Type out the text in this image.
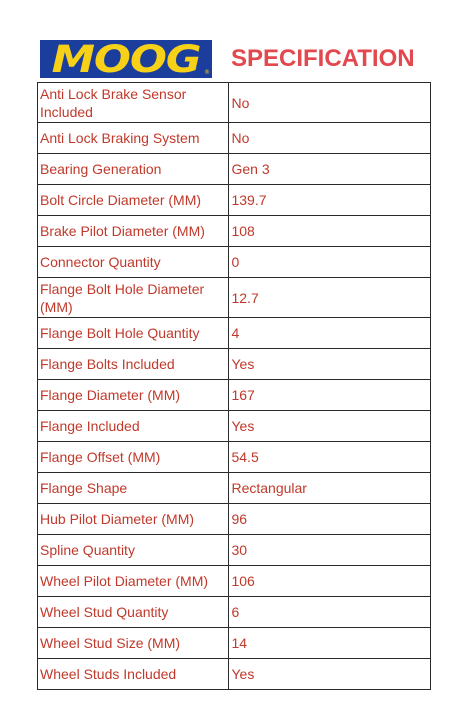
MOOG ®
SPECIFICATION
Anti Lock Brake Sensor Included	No
Anti Lock Braking System	No
Bearing Generation	Gen 3
Bolt Circle Diameter (MM)	139.7
Brake Pilot Diameter (MM)	108
Connector Quantity	0
Flange Bolt Hole Diameter (MM)	12.7
Flange Bolt Hole Quantity	4
Flange Bolts Included	Yes
Flange Diameter (MM)	167
Flange Included	Yes
Flange Offset (MM)	54.5
Flange Shape	Rectangular
Hub Pilot Diameter (MM)	96
Spline Quantity	30
Wheel Pilot Diameter (MM)	106
Wheel Stud Quantity	6
Wheel Stud Size (MM)	14
Wheel Studs Included	Yes
